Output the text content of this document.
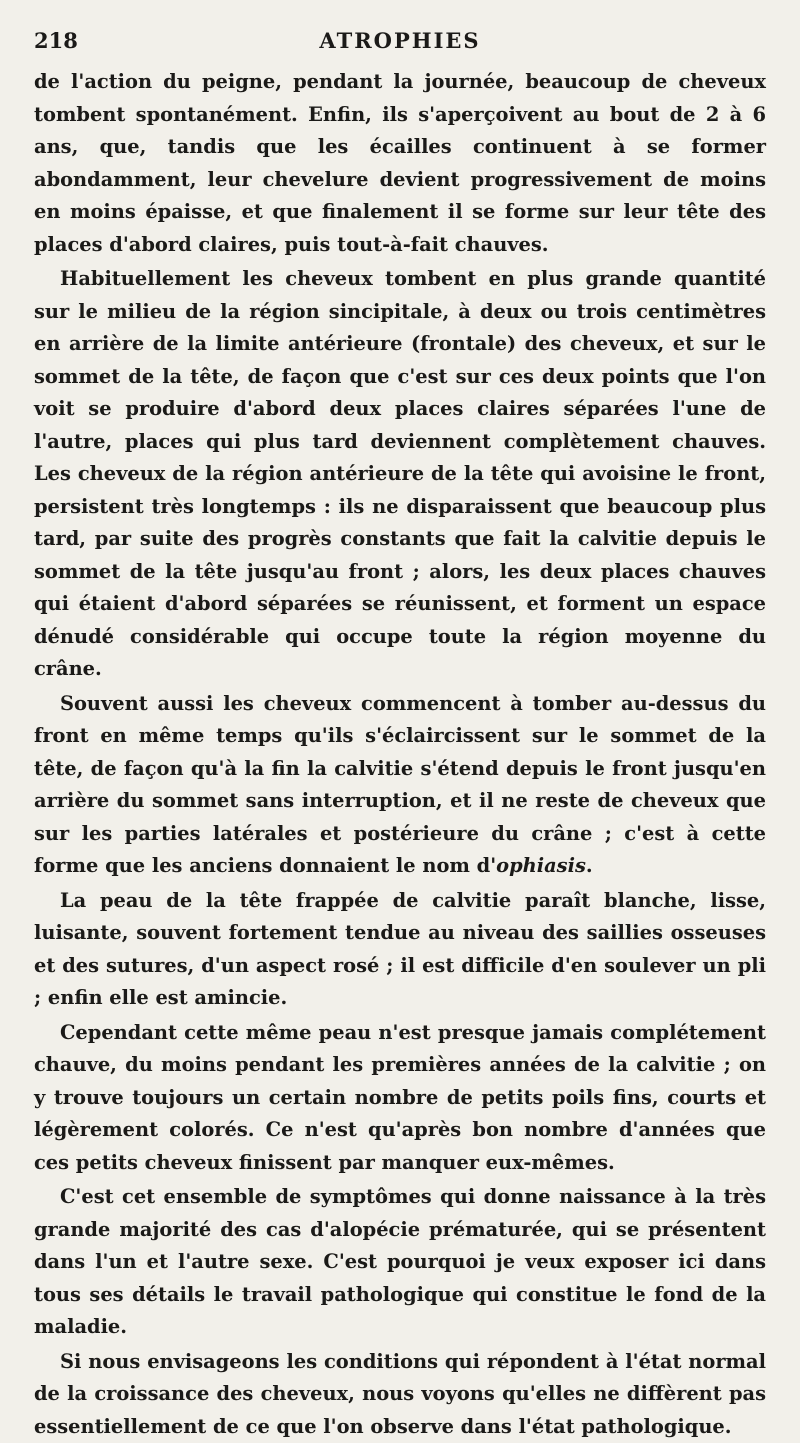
218	ATROPHIES

de l'action du peigne, pendant la journée, beaucoup de cheveux tombent spontanément. Enfin, ils s'aperçoivent au bout de 2 à 6 ans, que, tandis que les écailles continuent à se former abondamment, leur chevelure devient progressivement de moins en moins épaisse, et que finalement il se forme sur leur tête des places d'abord claires, puis tout-à-fait chauves.

Habituellement les cheveux tombent en plus grande quantité sur le milieu de la région sincipitale, à deux ou trois centimètres en arrière de la limite antérieure (frontale) des cheveux, et sur le sommet de la tête, de façon que c'est sur ces deux points que l'on voit se produire d'abord deux places claires séparées l'une de l'autre, places qui plus tard deviennent complètement chauves. Les cheveux de la région antérieure de la tête qui avoisine le front, persistent très longtemps : ils ne disparaissent que beaucoup plus tard, par suite des progrès constants que fait la calvitie depuis le sommet de la tête jusqu'au front ; alors, les deux places chauves qui étaient d'abord séparées se réunissent, et forment un espace dénudé considérable qui occupe toute la région moyenne du crâne.

Souvent aussi les cheveux commencent à tomber au-dessus du front en même temps qu'ils s'éclaircissent sur le sommet de la tête, de façon qu'à la fin la calvitie s'étend depuis le front jusqu'en arrière du sommet sans interruption, et il ne reste de cheveux que sur les parties latérales et postérieure du crâne ; c'est à cette forme que les anciens donnaient le nom d'ophiasis.

La peau de la tête frappée de calvitie paraît blanche, lisse, luisante, souvent fortement tendue au niveau des saillies osseuses et des sutures, d'un aspect rosé ; il est difficile d'en soulever un pli ; enfin elle est amincie.

Cependant cette même peau n'est presque jamais complétement chauve, du moins pendant les premières années de la calvitie ; on y trouve toujours un certain nombre de petits poils fins, courts et légèrement colorés. Ce n'est qu'après bon nombre d'années que ces petits cheveux finissent par manquer eux-mêmes.

C'est cet ensemble de symptômes qui donne naissance à la très grande majorité des cas d'alopécie prématurée, qui se présentent dans l'un et l'autre sexe. C'est pourquoi je veux exposer ici dans tous ses détails le travail pathologique qui constitue le fond de la maladie.

Si nous envisageons les conditions qui répondent à l'état normal de la croissance des cheveux, nous voyons qu'elles ne diffèrent pas essentiellement de ce que l'on observe dans l'état pathologique.
